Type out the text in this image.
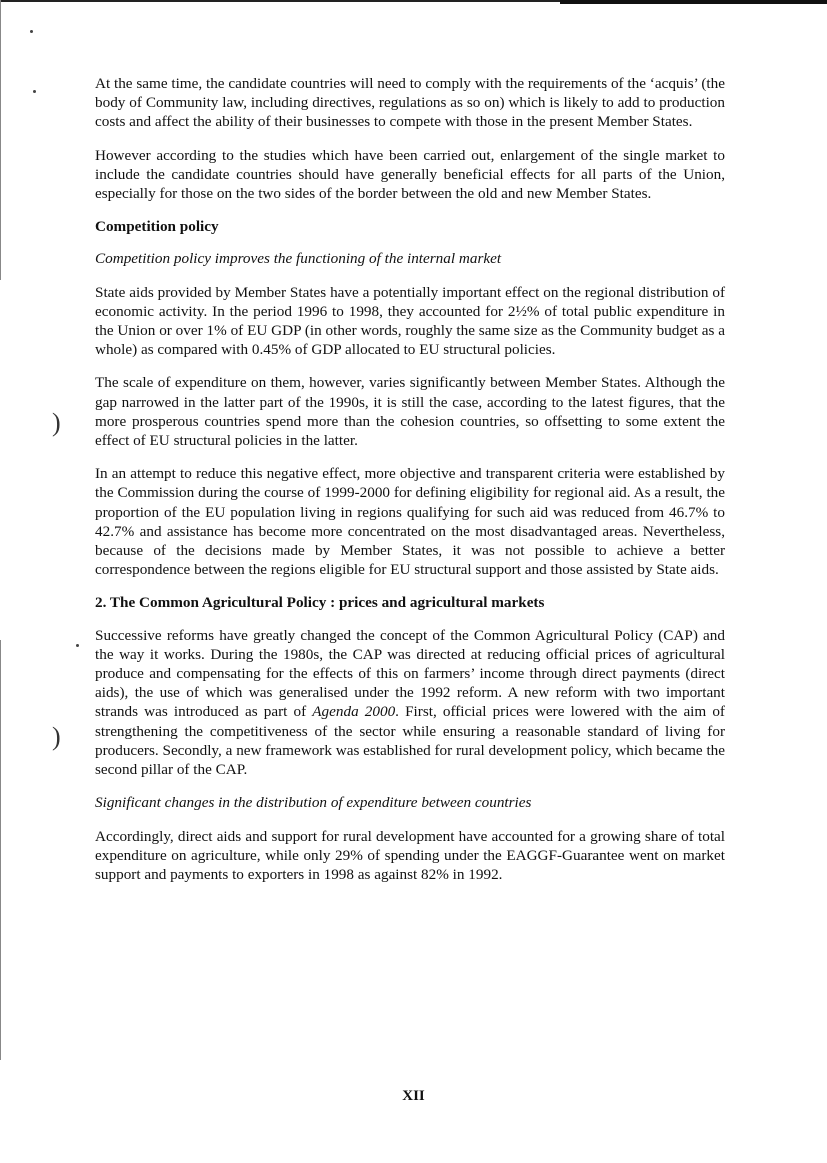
)
)

At the same time, the candidate countries will need to comply with the requirements of the ‘acquis’ (the body of Community law, including directives, regulations as so on) which is likely to add to production costs and affect the ability of their businesses to compete with those in the present Member States.

However according to the studies which have been carried out, enlargement of the single market to include the candidate countries should have generally beneficial effects for all parts of the Union, especially for those on the two sides of the border between the old and new Member States.

Competition policy

Competition policy improves the functioning of the internal market

State aids provided by Member States have a potentially important effect on the regional distribution of economic activity. In the period 1996 to 1998, they accounted for 2½% of total public expenditure in the Union or over 1% of EU GDP (in other words, roughly the same size as the Community budget as a whole) as compared with 0.45% of GDP allocated to EU structural policies.

The scale of expenditure on them, however, varies significantly between Member States. Although the gap narrowed in the latter part of the 1990s, it is still the case, according to the latest figures, that the more prosperous countries spend more than the cohesion countries, so offsetting to some extent the effect of EU structural policies in the latter.

In an attempt to reduce this negative effect, more objective and transparent criteria were established by the Commission during the course of 1999-2000 for defining eligibility for regional aid. As a result, the proportion of the EU population living in regions qualifying for such aid was reduced from 46.7% to 42.7% and assistance has become more concentrated on the most disadvantaged areas. Nevertheless, because of the decisions made by Member States, it was not possible to achieve a better correspondence between the regions eligible for EU structural support and those assisted by State aids.

2. The Common Agricultural Policy : prices and agricultural markets

Successive reforms have greatly changed the concept of the Common Agricultural Policy (CAP) and the way it works. During the 1980s, the CAP was directed at reducing official prices of agricultural produce and compensating for the effects of this on farmers’ income through direct payments (direct aids), the use of which was generalised under the 1992 reform. A new reform with two important strands was introduced as part of Agenda 2000. First, official prices were lowered with the aim of strengthening the competitiveness of the sector while ensuring a reasonable standard of living for producers. Secondly, a new framework was established for rural development policy, which became the second pillar of the CAP.

Significant changes in the distribution of expenditure between countries

Accordingly, direct aids and support for rural development have accounted for a growing share of total expenditure on agriculture, while only 29% of spending under the EAGGF-Guarantee went on market support and payments to exporters in 1998 as against 82% in 1992.

XII
